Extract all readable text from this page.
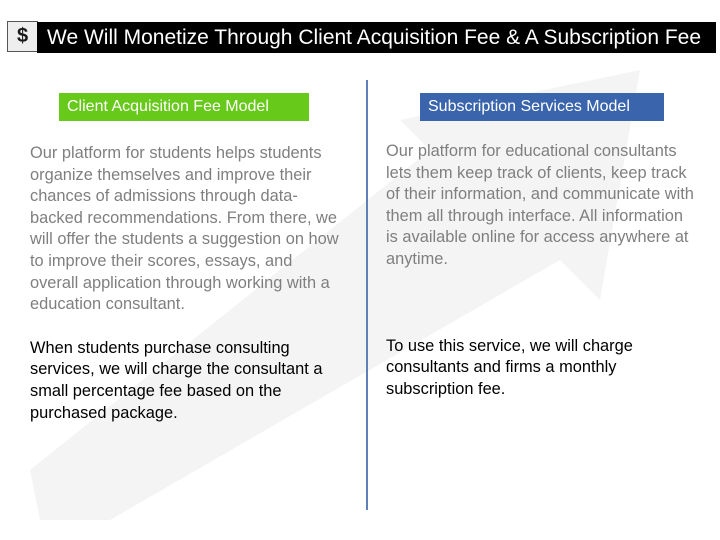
$ We Will Monetize Through Client Acquisition Fee & A Subscription Fee
Client Acquisition Fee Model	Subscription Services Model

Our platform for students helps students organize themselves and improve their chances of admissions through data-backed recommendations. From there, we will offer the students a suggestion on how to improve their scores, essays, and overall application through working with a education consultant.

When students purchase consulting services, we will charge the consultant a small percentage fee based on the purchased package.

Our platform for educational consultants lets them keep track of clients, keep track of their information, and communicate with them all through interface. All information is available online for access anywhere at anytime.

To use this service, we will charge consultants and firms a monthly subscription fee.
